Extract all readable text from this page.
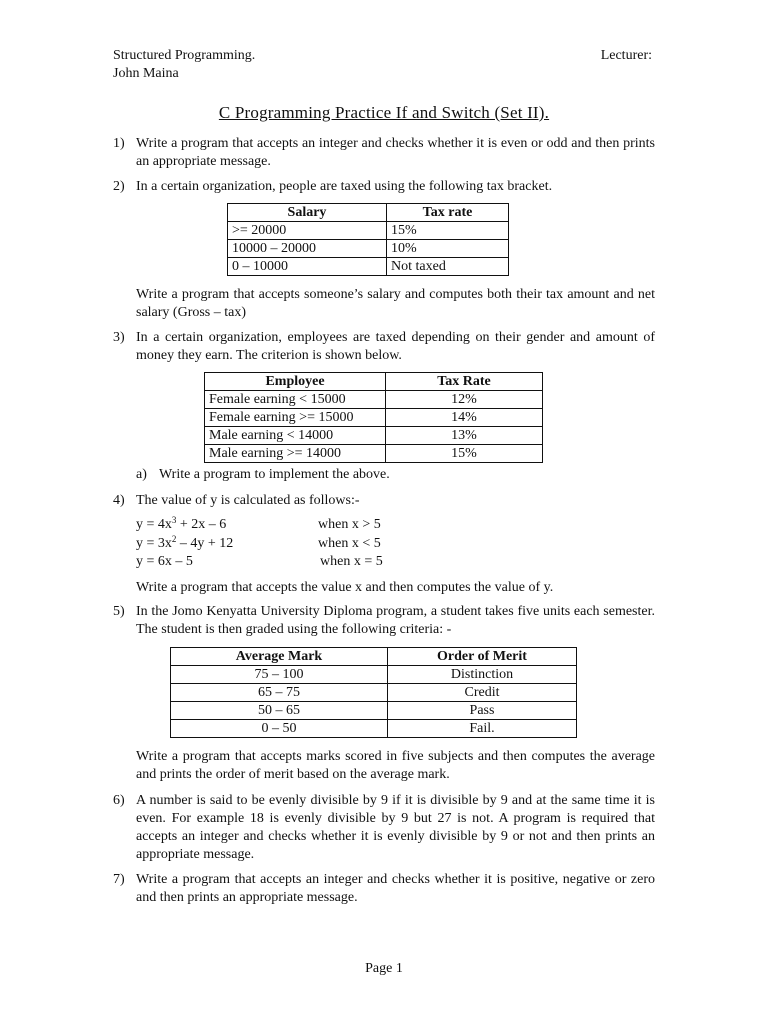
Structured Programming.	Lecturer:
John Maina
C Programming Practice If and Switch (Set II).
1) Write a program that accepts an integer and checks whether it is even or odd and then prints an appropriate message.
2) In a certain organization, people are taxed using the following tax bracket.
Salary	Tax rate
>= 20000	15%
10000 – 20000	10%
0 – 10000	Not taxed
Write a program that accepts someone’s salary and computes both their tax amount and net salary (Gross – tax)
3) In a certain organization, employees are taxed depending on their gender and amount of money they earn. The criterion is shown below.
Employee	Tax Rate
Female earning < 15000	12%
Female earning >= 15000	14%
Male earning < 14000	13%
Male earning >= 14000	15%
a) Write a program to implement the above.
4) The value of y is calculated as follows:-
$y = 4x^3 + 2x - 6$	when x > 5
$y = 3x^2 - 4y + 12$	when x < 5
y = 6x – 5	when x = 5
Write a program that accepts the value x and then computes the value of y.
5) In the Jomo Kenyatta University Diploma program, a student takes five units each semester. The student is then graded using the following criteria: -
Average Mark	Order of Merit
75 – 100	Distinction
65 – 75	Credit
50 – 65	Pass
0 – 50	Fail.
Write a program that accepts marks scored in five subjects and then computes the average and prints the order of merit based on the average mark.
6) A number is said to be evenly divisible by 9 if it is divisible by 9 and at the same time it is even. For example 18 is evenly divisible by 9 but 27 is not. A program is required that accepts an integer and checks whether it is evenly divisible by 9 or not and then prints an appropriate message.
7) Write a program that accepts an integer and checks whether it is positive, negative or zero and then prints an appropriate message.
Page 1
